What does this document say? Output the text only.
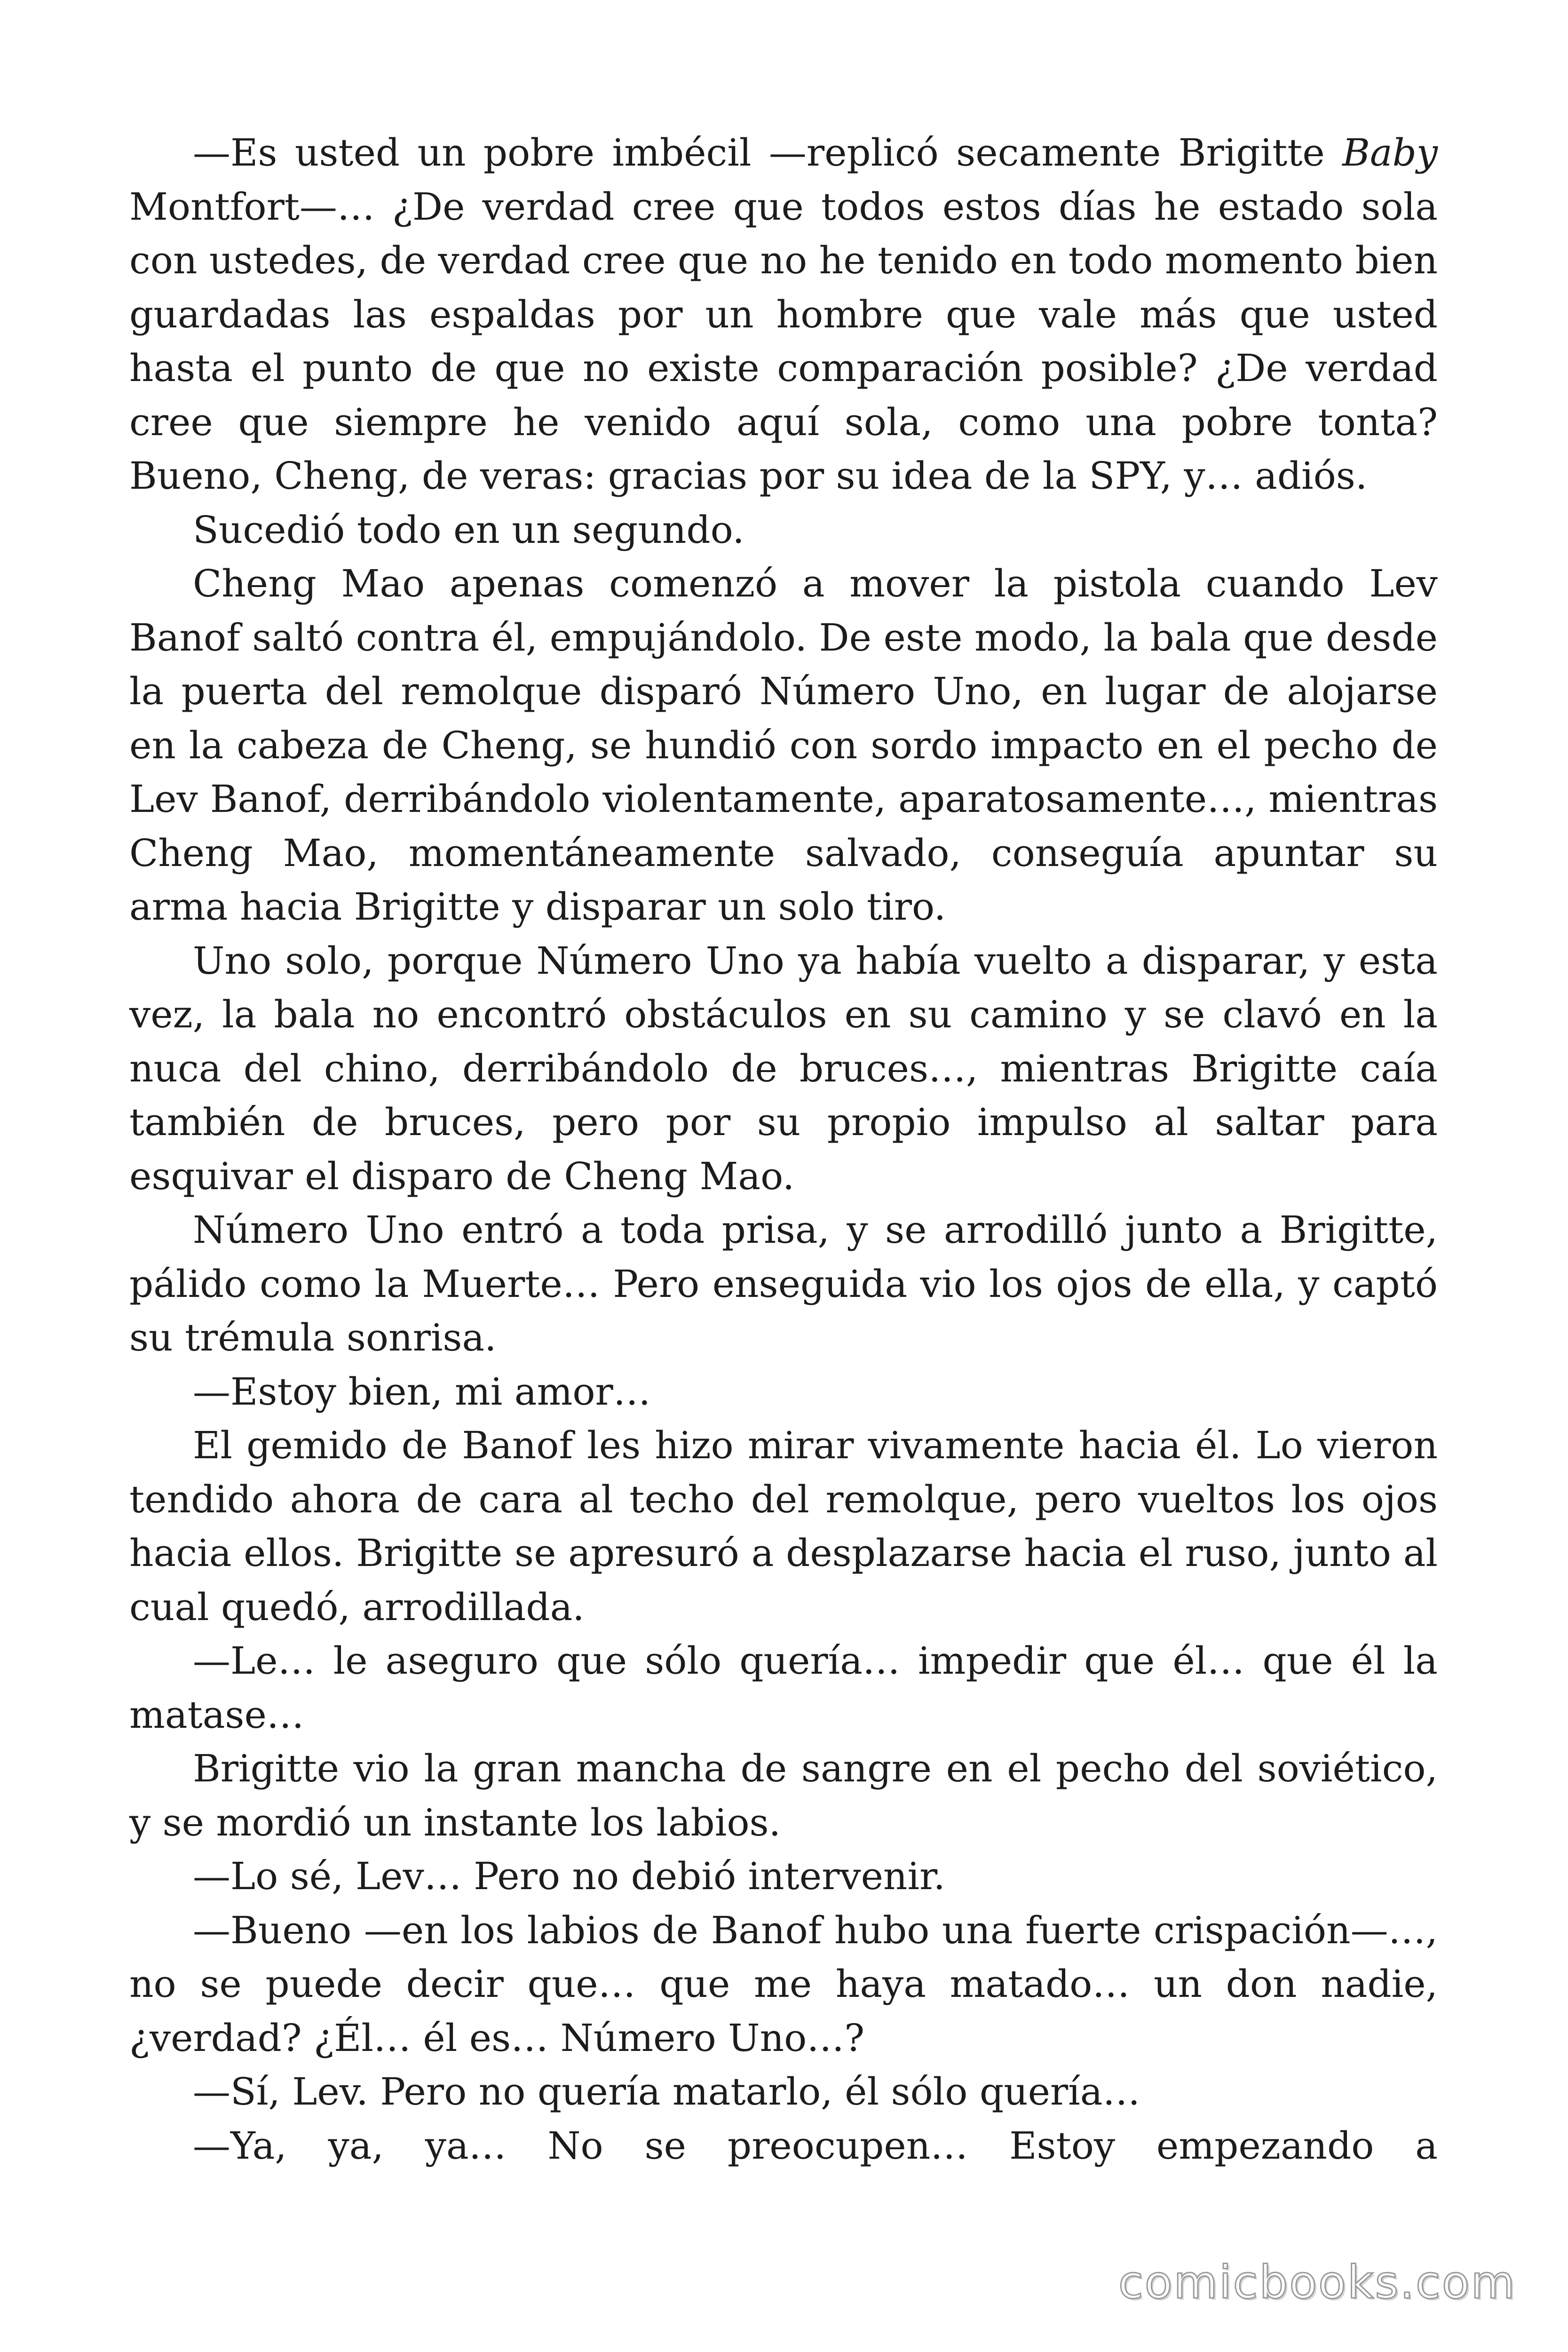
—Es usted un pobre imbécil —replicó secamente Brigitte Baby Montfort—… ¿De verdad cree que todos estos días he estado sola con ustedes, de verdad cree que no he tenido en todo momento bien guardadas las espaldas por un hombre que vale más que usted hasta el punto de que no existe comparación posible? ¿De verdad cree que siempre he venido aquí sola, como una pobre tonta? Bueno, Cheng, de veras: gracias por su idea de la SPY, y… adiós.

Sucedió todo en un segundo.

Cheng Mao apenas comenzó a mover la pistola cuando Lev Banof saltó contra él, empujándolo. De este modo, la bala que desde la puerta del remolque disparó Número Uno, en lugar de alojarse en la cabeza de Cheng, se hundió con sordo impacto en el pecho de Lev Banof, derribándolo violentamente, aparatosamente…, mientras Cheng Mao, momentáneamente salvado, conseguía apuntar su arma hacia Brigitte y disparar un solo tiro.

Uno solo, porque Número Uno ya había vuelto a disparar, y esta vez, la bala no encontró obstáculos en su camino y se clavó en la nuca del chino, derribándolo de bruces…, mientras Brigitte caía también de bruces, pero por su propio impulso al saltar para esquivar el disparo de Cheng Mao.

Número Uno entró a toda prisa, y se arrodilló junto a Brigitte, pálido como la Muerte… Pero enseguida vio los ojos de ella, y captó su trémula sonrisa.

—Estoy bien, mi amor…

El gemido de Banof les hizo mirar vivamente hacia él. Lo vieron tendido ahora de cara al techo del remolque, pero vueltos los ojos hacia ellos. Brigitte se apresuró a desplazarse hacia el ruso, junto al cual quedó, arrodillada.

—Le… le aseguro que sólo quería… impedir que él… que él la matase…

Brigitte vio la gran mancha de sangre en el pecho del soviético, y se mordió un instante los labios.

—Lo sé, Lev… Pero no debió intervenir.

—Bueno —en los labios de Banof hubo una fuerte crispación—…, no se puede decir que… que me haya matado… un don nadie, ¿verdad? ¿Él… él es… Número Uno…?

—Sí, Lev. Pero no quería matarlo, él sólo quería…

—Ya, ya, ya… No se preocupen… Estoy empezando a

comicbooks.com
